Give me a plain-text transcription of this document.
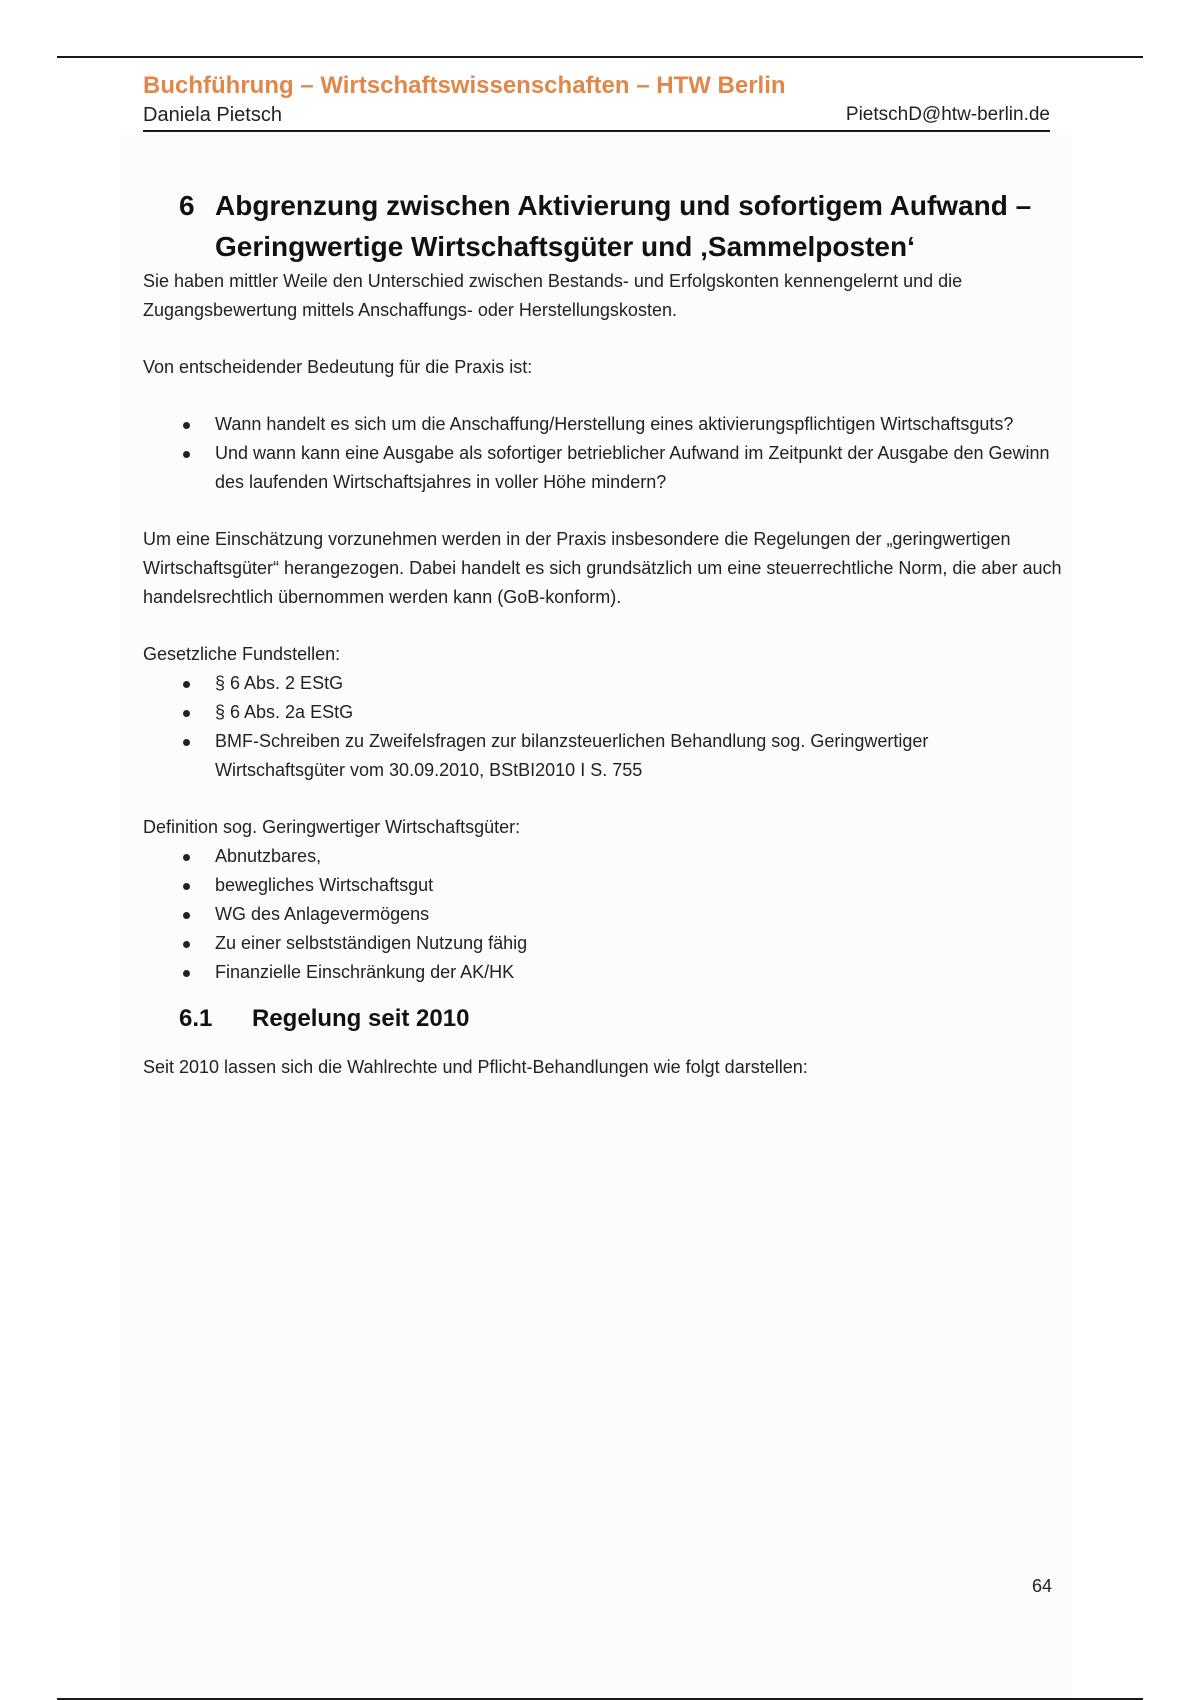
Buchführung – Wirtschaftswissenschaften – HTW Berlin
Daniela Pietsch	PietschD@htw-berlin.de
6 Abgrenzung zwischen Aktivierung und sofortigem Aufwand – Geringwertige Wirtschaftsgüter und ‚Sammelposten‘

Sie haben mittler Weile den Unterschied zwischen Bestands- und Erfolgskonten kennengelernt und die Zugangsbewertung mittels Anschaffungs- oder Herstellungskosten.

Von entscheidender Bedeutung für die Praxis ist:

Wann handelt es sich um die Anschaffung/Herstellung eines aktivierungspflichtigen Wirtschaftsguts?
Und wann kann eine Ausgabe als sofortiger betrieblicher Aufwand im Zeitpunkt der Ausgabe den Gewinn des laufenden Wirtschaftsjahres in voller Höhe mindern?

Um eine Einschätzung vorzunehmen werden in der Praxis insbesondere die Regelungen der „geringwertigen Wirtschaftsgüter“ herangezogen. Dabei handelt es sich grundsätzlich um eine steuerrechtliche Norm, die aber auch handelsrechtlich übernommen werden kann (GoB-konform).

Gesetzliche Fundstellen:

§ 6 Abs. 2 EStG
§ 6 Abs. 2a EStG
BMF-Schreiben zu Zweifelsfragen zur bilanzsteuerlichen Behandlung sog. Geringwertiger Wirtschaftsgüter vom 30.09.2010, BStBI2010 I S. 755

Definition sog. Geringwertiger Wirtschaftsgüter:

Abnutzbares,
bewegliches Wirtschaftsgut
WG des Anlagevermögens
Zu einer selbstständigen Nutzung fähig
Finanzielle Einschränkung der AK/HK
6.1	Regelung seit 2010

Seit 2010 lassen sich die Wahlrechte und Pflicht-Behandlungen wie folgt darstellen:

64
